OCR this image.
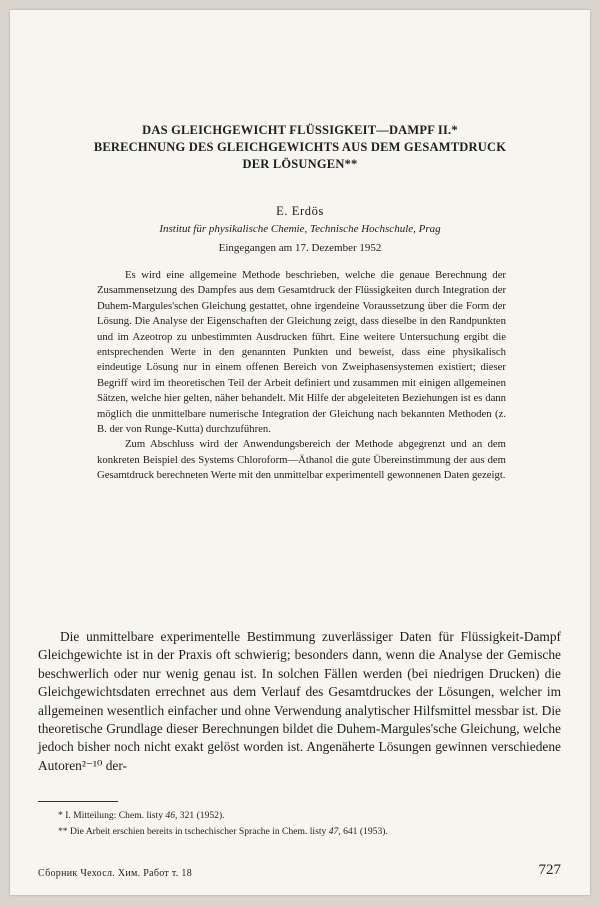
DAS GLEICHGEWICHT FLÜSSIGKEIT—DAMPF II.*
BERECHNUNG DES GLEICHGEWICHTS AUS DEM GESAMTDRUCK
DER LÖSUNGEN**
E. Erdös
Institut für physikalische Chemie, Technische Hochschule, Prag
Eingegangen am 17. Dezember 1952

Es wird eine allgemeine Methode beschrieben, welche die genaue Berechnung der Zusammensetzung des Dampfes aus dem Gesamtdruck der Flüssigkeiten durch Integration der Duhem-Margules'schen Gleichung gestattet, ohne irgendeine Voraussetzung über die Form der Lösung. Die Analyse der Eigenschaften der Gleichung zeigt, dass dieselbe in den Randpunkten und im Azeotrop zu unbestimmten Ausdrucken führt. Eine weitere Untersuchung ergibt die entsprechenden Werte in den genannten Punkten und beweist, dass eine physikalisch eindeutige Lösung nur in einem offenen Bereich von Zweiphasensystemen existiert; dieser Begriff wird im theoretischen Teil der Arbeit definiert und zusammen mit einigen allgemeinen Sätzen, welche hier gelten, näher behandelt. Mit Hilfe der abgeleiteten Beziehungen ist es dann möglich die unmittelbare numerische Integration der Gleichung nach bekannten Methoden (z. B. der von Runge-Kutta) durchzuführen.

Zum Abschluss wird der Anwendungsbereich der Methode abgegrenzt und an dem konkreten Beispiel des Systems Chloroform—Äthanol die gute Übereinstimmung der aus dem Gesamtdruck berechneten Werte mit den unmittelbar experimentell gewonnenen Daten gezeigt.

Die unmittelbare experimentelle Bestimmung zuverlässiger Daten für Flüssigkeit-Dampf Gleichgewichte ist in der Praxis oft schwierig; besonders dann, wenn die Analyse der Gemische beschwerlich oder nur wenig genau ist. In solchen Fällen werden (bei niedrigen Drucken) die Gleichgewichtsdaten errechnet aus dem Verlauf des Gesamtdruckes der Lösungen, welcher im allgemeinen wesentlich einfacher und ohne Verwendung analytischer Hilfsmittel messbar ist. Die theoretische Grundlage dieser Berechnungen bildet die Duhem-Margules'sche Gleichung, welche jedoch bisher noch nicht exakt gelöst worden ist. Angenäherte Lösungen gewinnen verschiedene Autoren²⁻¹⁰ der-

* I. Mitteilung: Chem. listy 46, 321 (1952).
** Die Arbeit erschien bereits in tschechischer Sprache in Chem. listy 47, 641 (1953).
Сборник Чехосл. Хим. Работ т. 18	727
